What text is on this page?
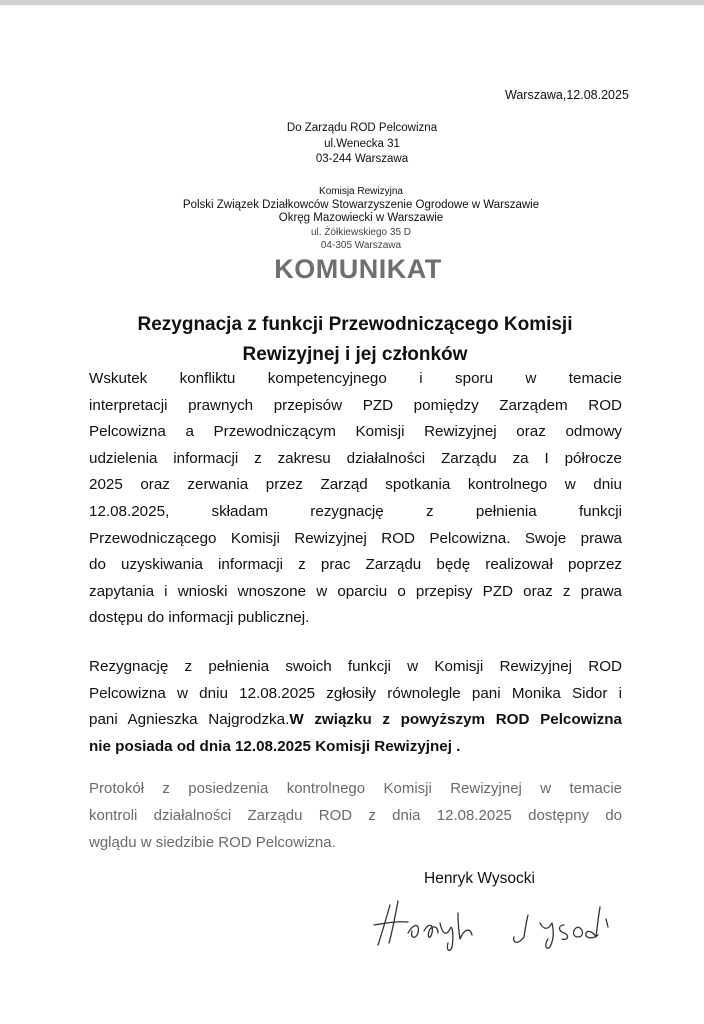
Warszawa,12.08.2025
Do Zarządu ROD Pelcowizna
ul.Wenecka 31
03-244 Warszawa
Komisja Rewizyjna
Polski Związek Działkowców Stowarzyszenie Ogrodowe w Warszawie
Okręg Mazowiecki w Warszawie
ul. Żółkiewskiego 35 D
04-305 Warszawa
KOMUNIKAT
Rezygnacja z funkcji Przewodniczącego Komisji
Rewizyjnej i jej członków
Wskutek konfliktu kompetencyjnego i sporu w temacie
interpretacji prawnych przepisów PZD pomiędzy Zarządem ROD
Pelcowizna a Przewodniczącym Komisji Rewizyjnej oraz odmowy
udzielenia informacji z zakresu działalności Zarządu za I półrocze
2025 oraz zerwania przez Zarząd spotkania kontrolnego w dniu
12.08.2025, składam rezygnację z pełnienia funkcji
Przewodniczącego Komisji Rewizyjnej ROD Pelcowizna. Swoje prawa
do uzyskiwania informacji z prac Zarządu będę realizował poprzez
zapytania i wnioski wnoszone w oparciu o przepisy PZD oraz z prawa
dostępu do informacji publicznej.
Rezygnację z pełnienia swoich funkcji w Komisji Rewizyjnej ROD
Pelcowizna w dniu 12.08.2025 zgłosiły równolegle pani Monika Sidor i
pani Agnieszka Najgrodzka.W związku z powyższym ROD Pelcowizna
nie posiada od dnia 12.08.2025 Komisji Rewizyjnej .
Protokół z posiedzenia kontrolnego Komisji Rewizyjnej w temacie
kontroli działalności Zarządu ROD z dnia 12.08.2025 dostępny do
wglądu w siedzibie ROD Pelcowizna.
Henryk Wysocki
